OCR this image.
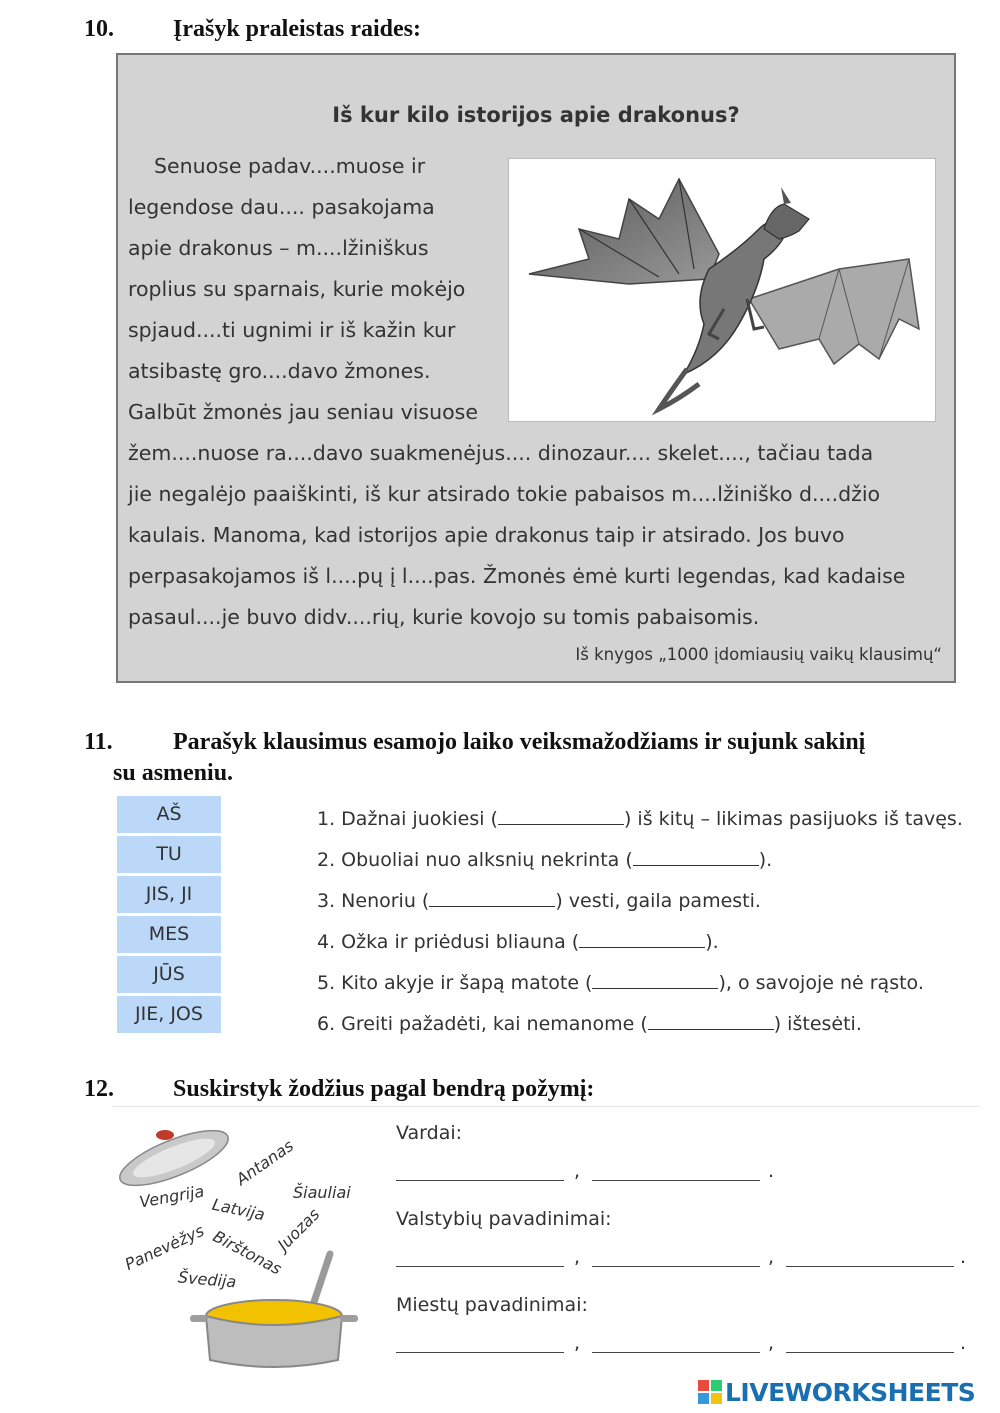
10. Įrašyk praleistas raides:
Iš kur kilo istorijos apie drakonus?
Senuose padav....muose ir
legendose dau.... pasakojama
apie drakonus – m....lžiniškus
roplius su sparnais, kurie mokėjo
spjaud....ti ugnimi ir iš kažin kur
atsibastę gro....davo žmones.
Galbūt žmonės jau seniau visuose
žem....nuose ra....davo suakmenėjus.... dinozaur.... skelet...., tačiau tada
jie negalėjo paaiškinti, iš kur atsirado tokie pabaisos m....lžiniško d....džio
kaulais. Manoma, kad istorijos apie drakonus taip ir atsirado. Jos buvo
perpasakojamos iš l....pų į l....pas. Žmonės ėmė kurti legendas, kad kadaise
pasaul....je buvo didv....rių, kurie kovojo su tomis pabaisomis.
Iš knygos „1000 įdomiausių vaikų klausimų“
11.	Parašyk klausimus esamojo laiko veiksmažodžiams ir sujunk sakinį
su asmeniu.
AŠ
TU
JIS, JI
MES
JŪS
JIE, JOS
1. Dažnai juokiesi (	) iš kitų – likimas pasijuoks iš tavęs.
2. Obuoliai nuo alksnių nekrinta (	).
3. Nenoriu (	) vesti, gaila pamesti.
4. Ožka ir priėdusi bliauna (	).
5. Kito akyje ir šapą matote (	), o savojoje nė rąsto.
6. Greiti pažadėti, kai nemanome (	) ištesėti.
12. Suskirstyk žodžius pagal bendrą požymį:
Antanas
Vengrija	Šiauliai
Latvija Juozas
Panevėžys Birštonas
Švedija
Vardai:
,	.
Valstybių pavadinimai:
,	,	.
Miestų pavadinimai:
,	,	.
LIVEWORKSHEETS
